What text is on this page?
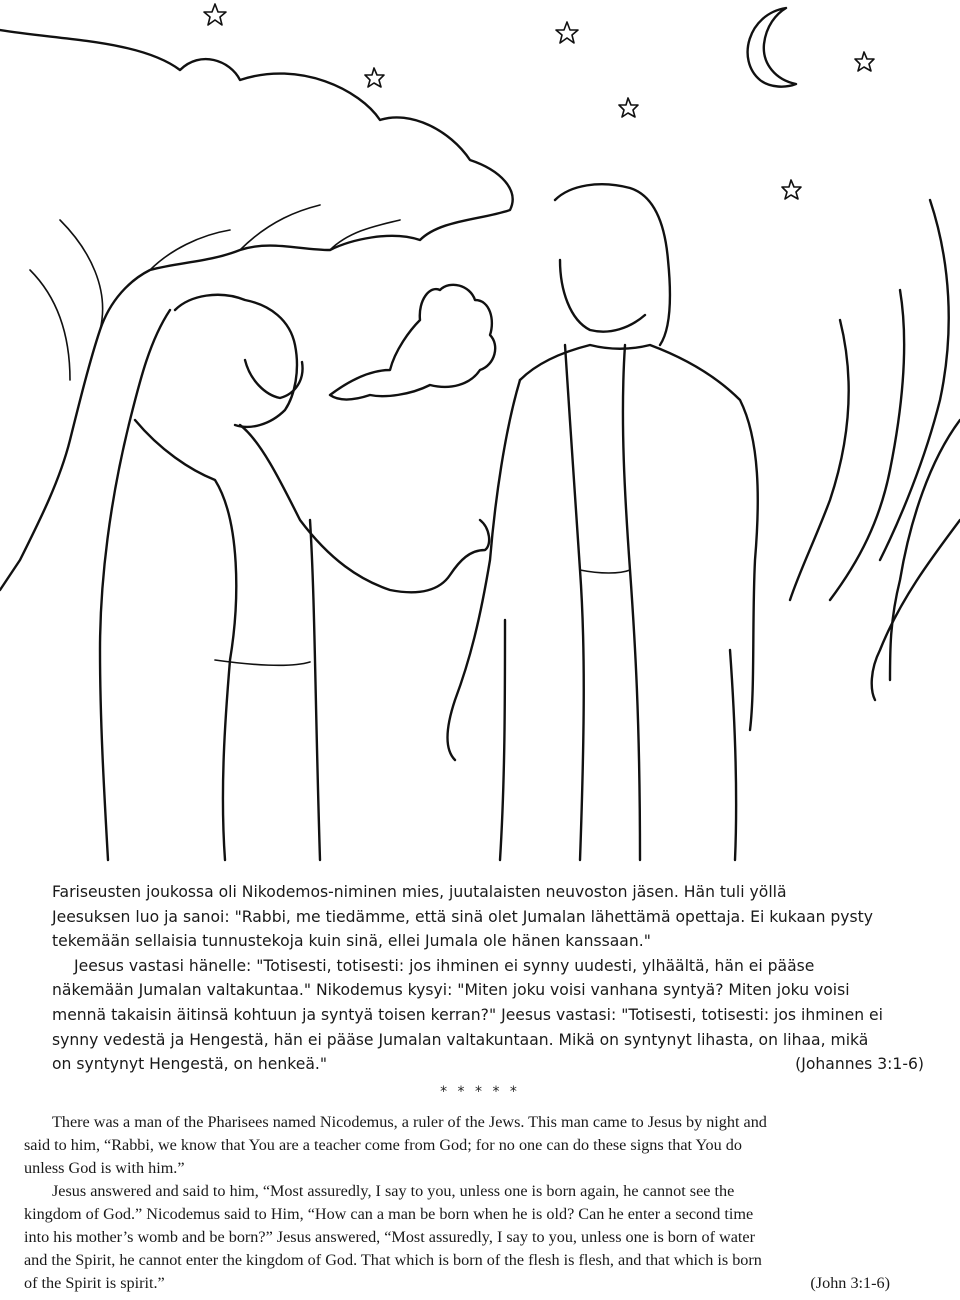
Fariseusten joukossa oli Nikodemos-niminen mies, juutalaisten neuvoston jäsen. Hän tuli yöllä

Jeesuksen luo ja sanoi: "Rabbi, me tiedämme, että sinä olet Jumalan lähettämä opettaja. Ei kukaan pysty

tekemään sellaisia tunnustekoja kuin sinä, ellei Jumala ole hänen kanssaan."

Jeesus vastasi hänelle: "Totisesti, totisesti: jos ihminen ei synny uudesti, ylhäältä, hän ei pääse

näkemään Jumalan valtakuntaa." Nikodemus kysyi: "Miten joku voisi vanhana syntyä? Miten joku voisi

mennä takaisin äitinsä kohtuun ja syntyä toisen kerran?" Jeesus vastasi: "Totisesti, totisesti: jos ihminen ei

synny vedestä ja Hengestä, hän ei pääse Jumalan valtakuntaan. Mikä on syntynyt lihasta, on lihaa, mikä

on syntynyt Hengestä, on henkeä."	(Johannes 3:1-6)
* * * * *

There was a man of the Pharisees named Nicodemus, a ruler of the Jews. This man came to Jesus by night and

said to him, “Rabbi, we know that You are a teacher come from God; for no one can do these signs that You do

unless God is with him.”

Jesus answered and said to him, “Most assuredly, I say to you, unless one is born again, he cannot see the

kingdom of God.” Nicodemus said to Him, “How can a man be born when he is old? Can he enter a second time

into his mother’s womb and be born?” Jesus answered, “Most assuredly, I say to you, unless one is born of water

and the Spirit, he cannot enter the kingdom of God. That which is born of the flesh is flesh, and that which is born

of the Spirit is spirit.”	(John 3:1-6)
